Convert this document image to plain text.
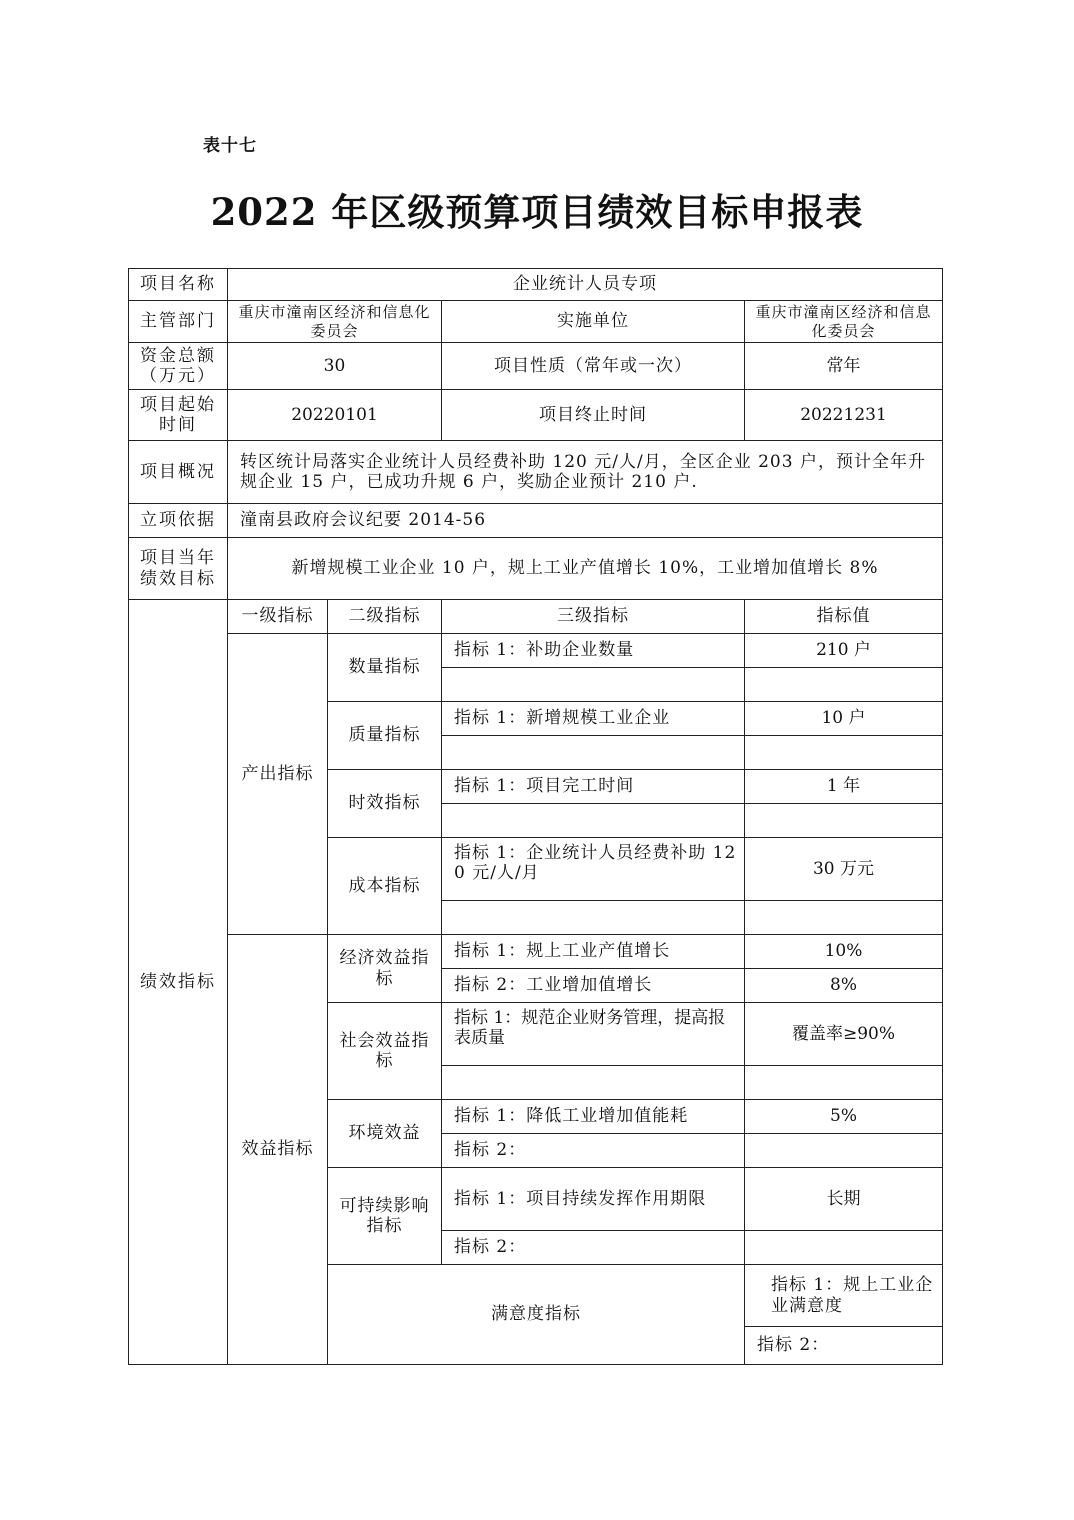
表十七
2022 年区级预算项目绩效目标申报表
项目名称	企业统计人员专项				
主管部门	重庆市潼南区经济和信息化委员会		实施单位	重庆市潼南区经济和信息化委员会	
资金总额（万元）	30		项目性质（常年或一次）	常年	
项目起始时间	20220101		项目终止时间	20221231	
项目概况	转区统计局落实企业统计人员经费补助 120 元/人/月，全区企业 203 户，预计全年升规企业 15 户，已成功升规 6 户，奖励企业预计 210 户.				
立项依据	潼南县政府会议纪要 2014-56				
项目当年绩效目标	新增规模工业企业 10 户，规上工业产值增长 10%，工业增加值增长 8%				
绩效指标	一级指标	二级指标	三级指标	指标值	
	产出指标	数量指标	指标 1：补助企业数量	210 户	

		质量指标	指标 1：新增规模工业企业	10 户	

		时效指标	指标 1：项目完工时间	1 年	

		成本指标	指标 1：企业统计人员经费补助 120 元/人/月	30 万元	

	效益指标	经济效益指标	指标 1：规上工业产值增长	10%	
			指标 2：工业增加值增长	8%	
		社会效益指标	指标 1：规范企业财务管理，提高报表质量	覆盖率≥90%	

		环境效益	指标 1：降低工业增加值能耗	5%	
			指标 2：		
		可持续影响指标	指标 1：项目持续发挥作用期限	长期	
			指标 2：		
		满意度指标		指标 1：规上工业企业满意度	
				指标 2：	
